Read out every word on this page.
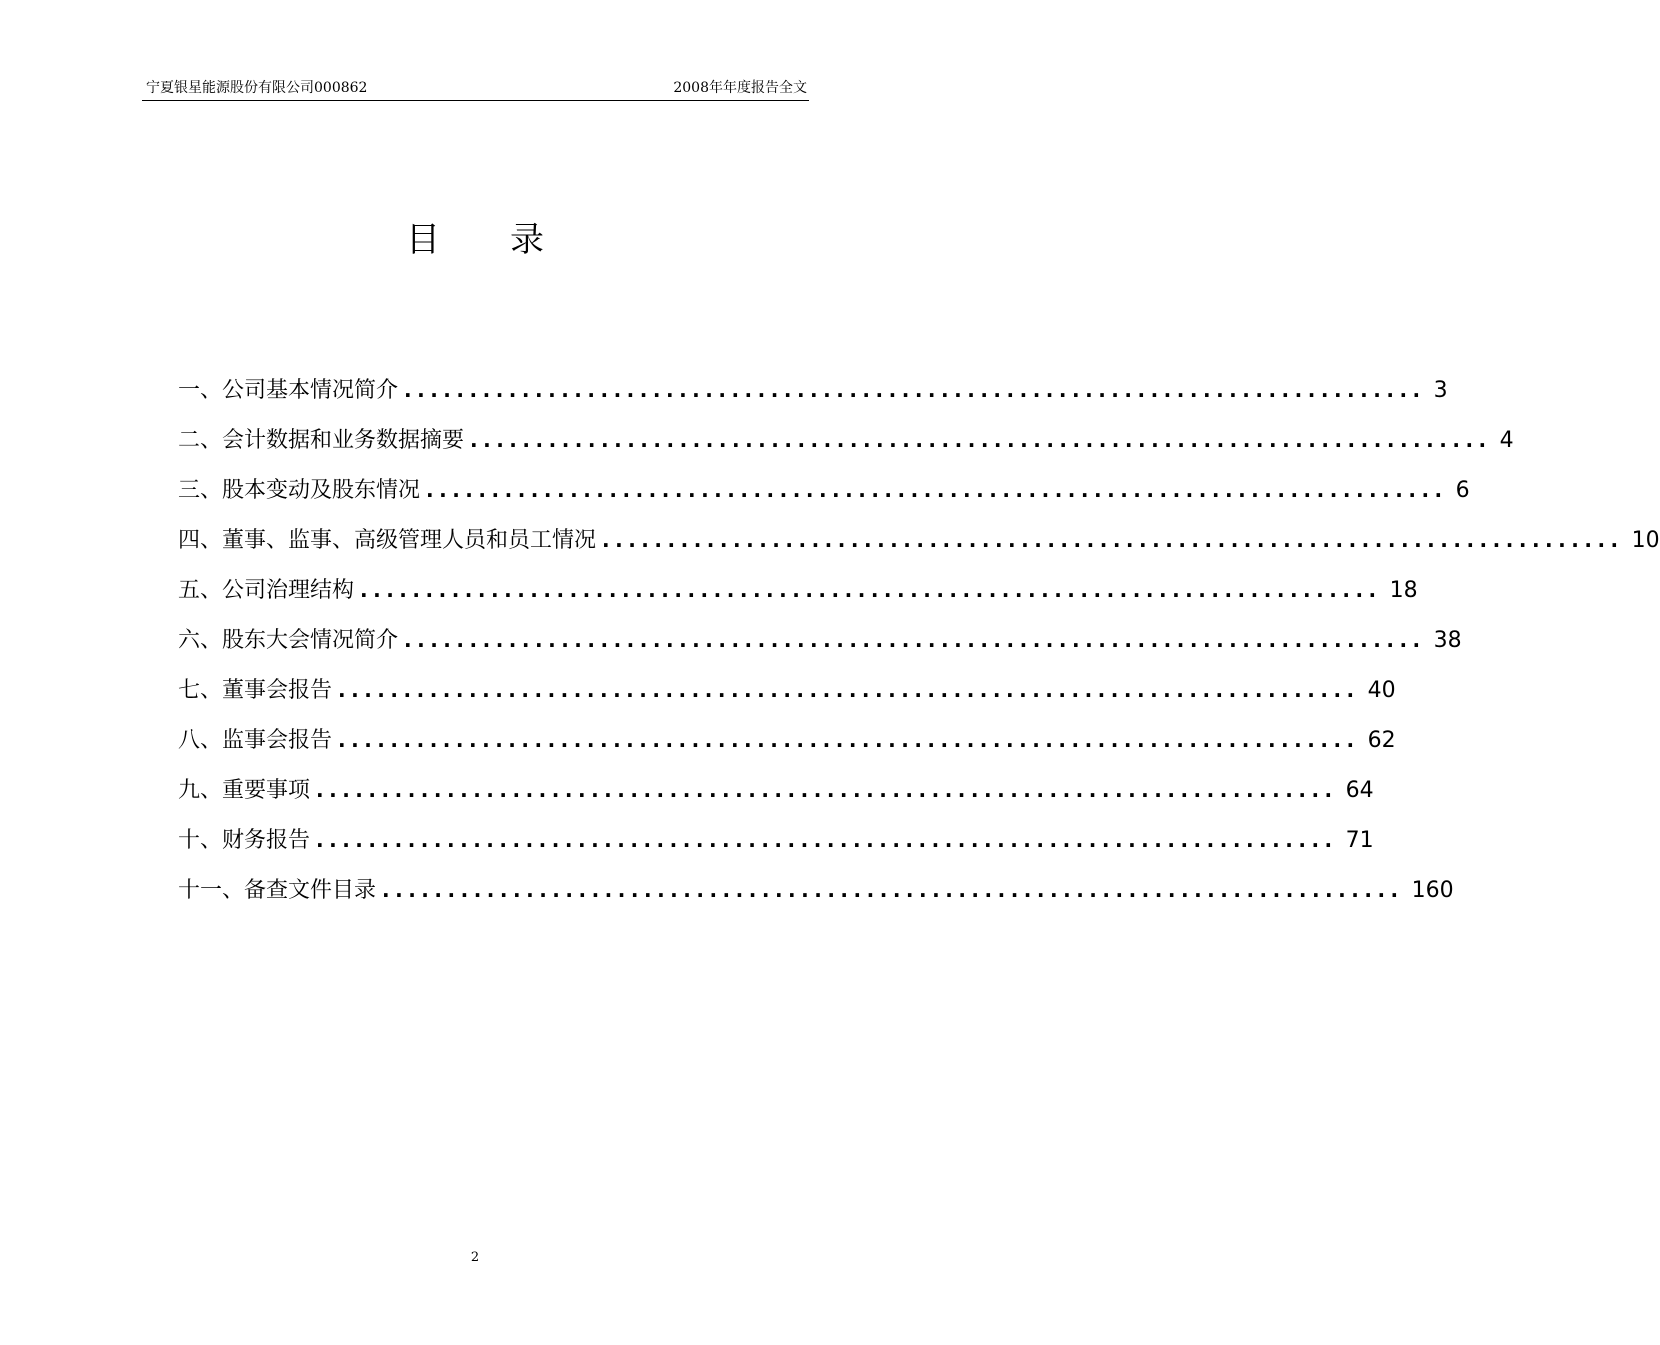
宁夏银星能源股份有限公司000862	2008年年度报告全文
目录
一、公司基本情况简介 .............................................................................. 3
二、会计数据和业务数据摘要 .............................................................................. 4
三、股本变动及股东情况 .............................................................................. 6
四、董事、监事、高级管理人员和员工情况 .............................................................................. 10
五、公司治理结构 .............................................................................. 18
六、股东大会情况简介 .............................................................................. 38
七、董事会报告 .............................................................................. 40
八、监事会报告 .............................................................................. 62
九、重要事项 .............................................................................. 64
十、财务报告 .............................................................................. 71
十一、备查文件目录 .............................................................................. 160
2
